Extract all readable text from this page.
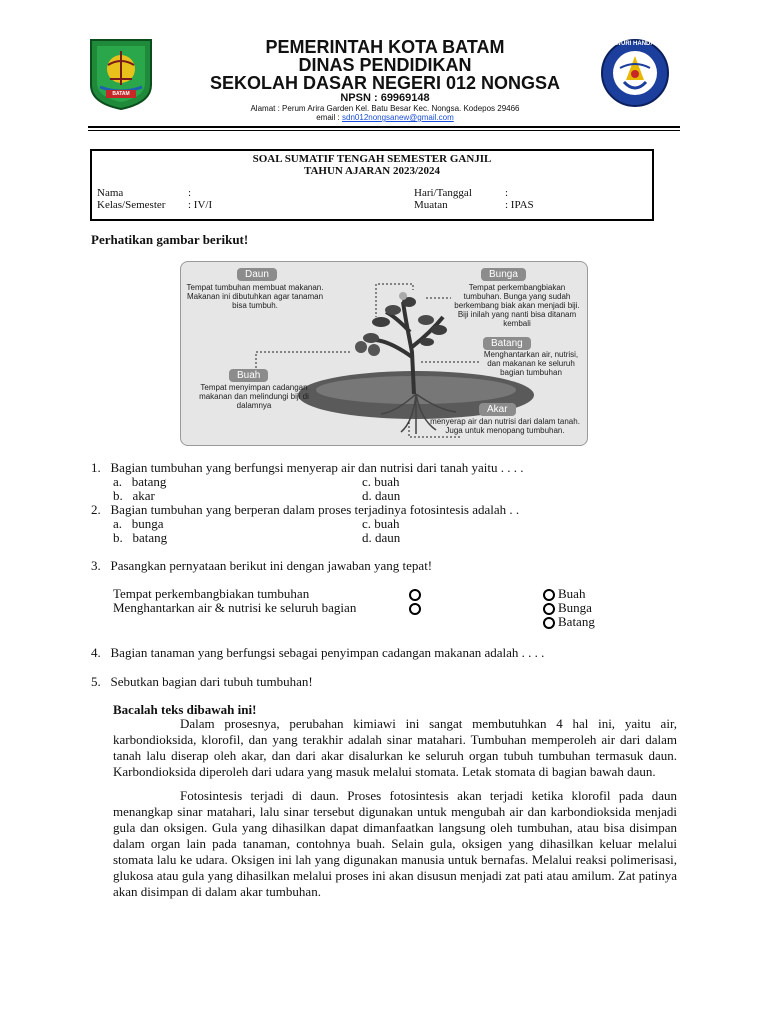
BATAM
PEMERINTAH KOTA BATAM
DINAS PENDIDIKAN
SEKOLAH DASAR NEGERI 012 NONGSA
NPSN : 69969148
Alamat : Perum Arira Garden Kel. Batu Besar Kec. Nongsa. Kodepos 29466
email : sdn012nongsanew@gmail.com
TUT WURI HANDAYANI
SOAL SUMATIF TENGAH SEMESTER GANJIL
TAHUN AJARAN 2023/2024
Nama	:
Kelas/Semester : IV/I
Hari/Tanggal	:
Muatan	: IPAS
Perhatikan gambar berikut!
Daun
Tempat tumbuhan membuat makanan. Makanan ini dibutuhkan agar tanaman bisa tumbuh.
Bunga
Tempat perkembangbiakan tumbuhan. Bunga yang sudah berkembang biak akan menjadi biji. Biji inilah yang nanti bisa ditanam kembali
Batang
Menghantarkan air, nutrisi, dan makanan ke seluruh bagian tumbuhan
Buah
Tempat menyimpan cadangan makanan dan melindungi biji di dalamnya	Akar
menyerap air dan nutrisi dari dalam tanah. Juga untuk menopang tumbuhan.
1.   Bagian tumbuhan yang berfungsi menyerap air dan nutrisi dari tanah yaitu . . . .
a.   batang
b.   akar
c. buah
d. daun
2.   Bagian tumbuhan yang berperan dalam proses terjadinya fotosintesis adalah . .
a.   bunga
b.   batang
c. buah
d. daun
3.   Pasangkan pernyataan berikut ini dengan jawaban yang tepat!
Tempat perkembangbiakan tumbuhan
Menghantarkan air & nutrisi ke seluruh bagian
Buah
Bunga
Batang
4.   Bagian tanaman yang berfungsi sebagai penyimpan cadangan makanan adalah . . . .
5.   Sebutkan bagian dari tubuh tumbuhan!
Bacalah teks dibawah ini!
Dalam prosesnya, perubahan kimiawi ini sangat membutuhkan 4 hal ini, yaitu air, karbondioksida, klorofil, dan yang terakhir adalah sinar matahari. Tumbuhan memperoleh air dari dalam tanah lalu diserap oleh akar, dan dari akar disalurkan ke seluruh organ tubuh tumbuhan termasuk daun. Karbondioksida diperoleh dari udara yang masuk melalui stomata. Letak stomata di bagian bawah daun.
Fotosintesis terjadi di daun. Proses fotosintesis akan terjadi ketika klorofil pada daun menangkap sinar matahari, lalu sinar tersebut digunakan untuk mengubah air dan karbondioksida menjadi gula dan oksigen. Gula yang dihasilkan dapat dimanfaatkan langsung oleh tumbuhan, atau bisa disimpan dalam organ lain pada tanaman, contohnya buah. Selain gula, oksigen yang dihasilkan keluar melalui stomata lalu ke udara. Oksigen ini lah yang digunakan manusia untuk bernafas. Melalui reaksi polimerisasi, glukosa atau gula yang dihasilkan melalui proses ini akan disusun menjadi zat pati atau amilum. Zat patinya akan disimpan di dalam akar tumbuhan.
